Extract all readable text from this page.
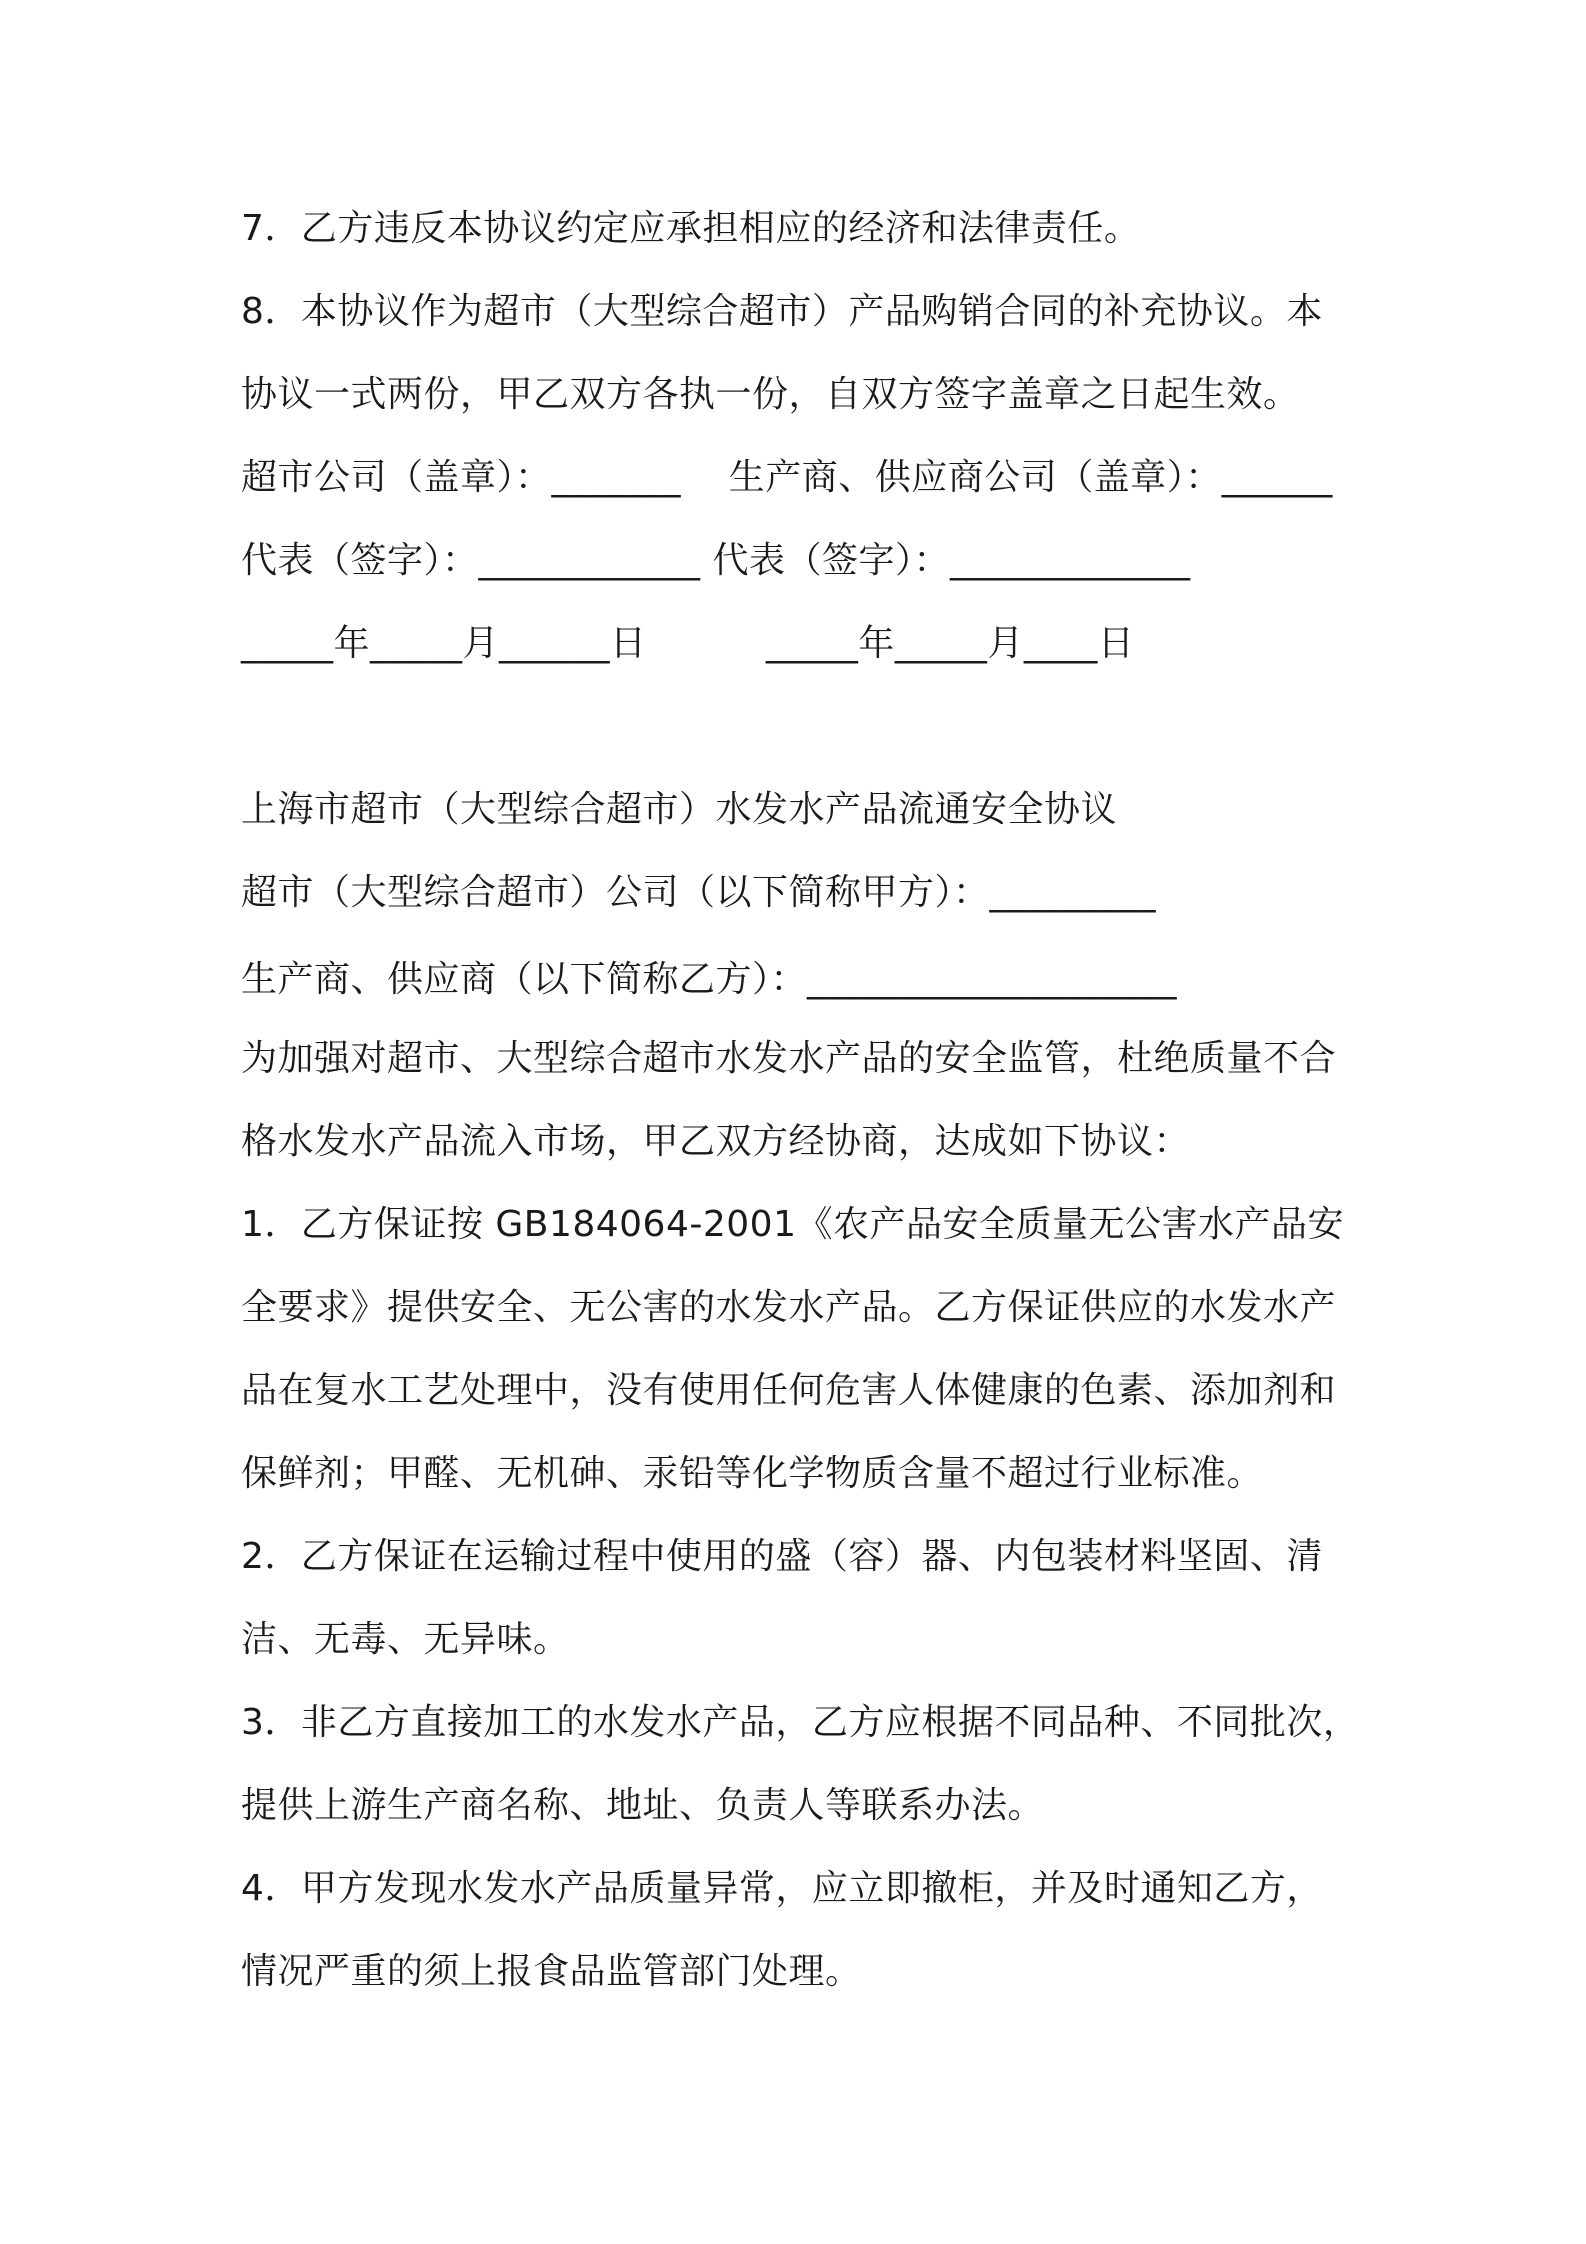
7．乙方违反本协议约定应承担相应的经济和法律责任。

8．本协议作为超市（大型综合超市）产品购销合同的补充协议。本

协议一式两份，甲乙双方各执一份，自双方签字盖章之日起生效。

超市公司（盖章）：_______    生产商、供应商公司（盖章）：______

代表（签字）：____________ 代表（签字）：_____________

_____年_____月______日          _____年_____月____日

上海市超市（大型综合超市）水发水产品流通安全协议

超市（大型综合超市）公司（以下简称甲方）：_________

生产商、供应商（以下简称乙方）：____________________

为加强对超市、大型综合超市水发水产品的安全监管，杜绝质量不合

格水发水产品流入市场，甲乙双方经协商，达成如下协议：

1．乙方保证按 GB184064-2001《农产品安全质量无公害水产品安

全要求》提供安全、无公害的水发水产品。乙方保证供应的水发水产

品在复水工艺处理中，没有使用任何危害人体健康的色素、添加剂和

保鲜剂；甲醛、无机砷、汞铅等化学物质含量不超过行业标准。

2．乙方保证在运输过程中使用的盛（容）器、内包装材料坚固、清

洁、无毒、无异味。

3．非乙方直接加工的水发水产品，乙方应根据不同品种、不同批次，

提供上游生产商名称、地址、负责人等联系办法。

4．甲方发现水发水产品质量异常，应立即撤柜，并及时通知乙方，

情况严重的须上报食品监管部门处理。
